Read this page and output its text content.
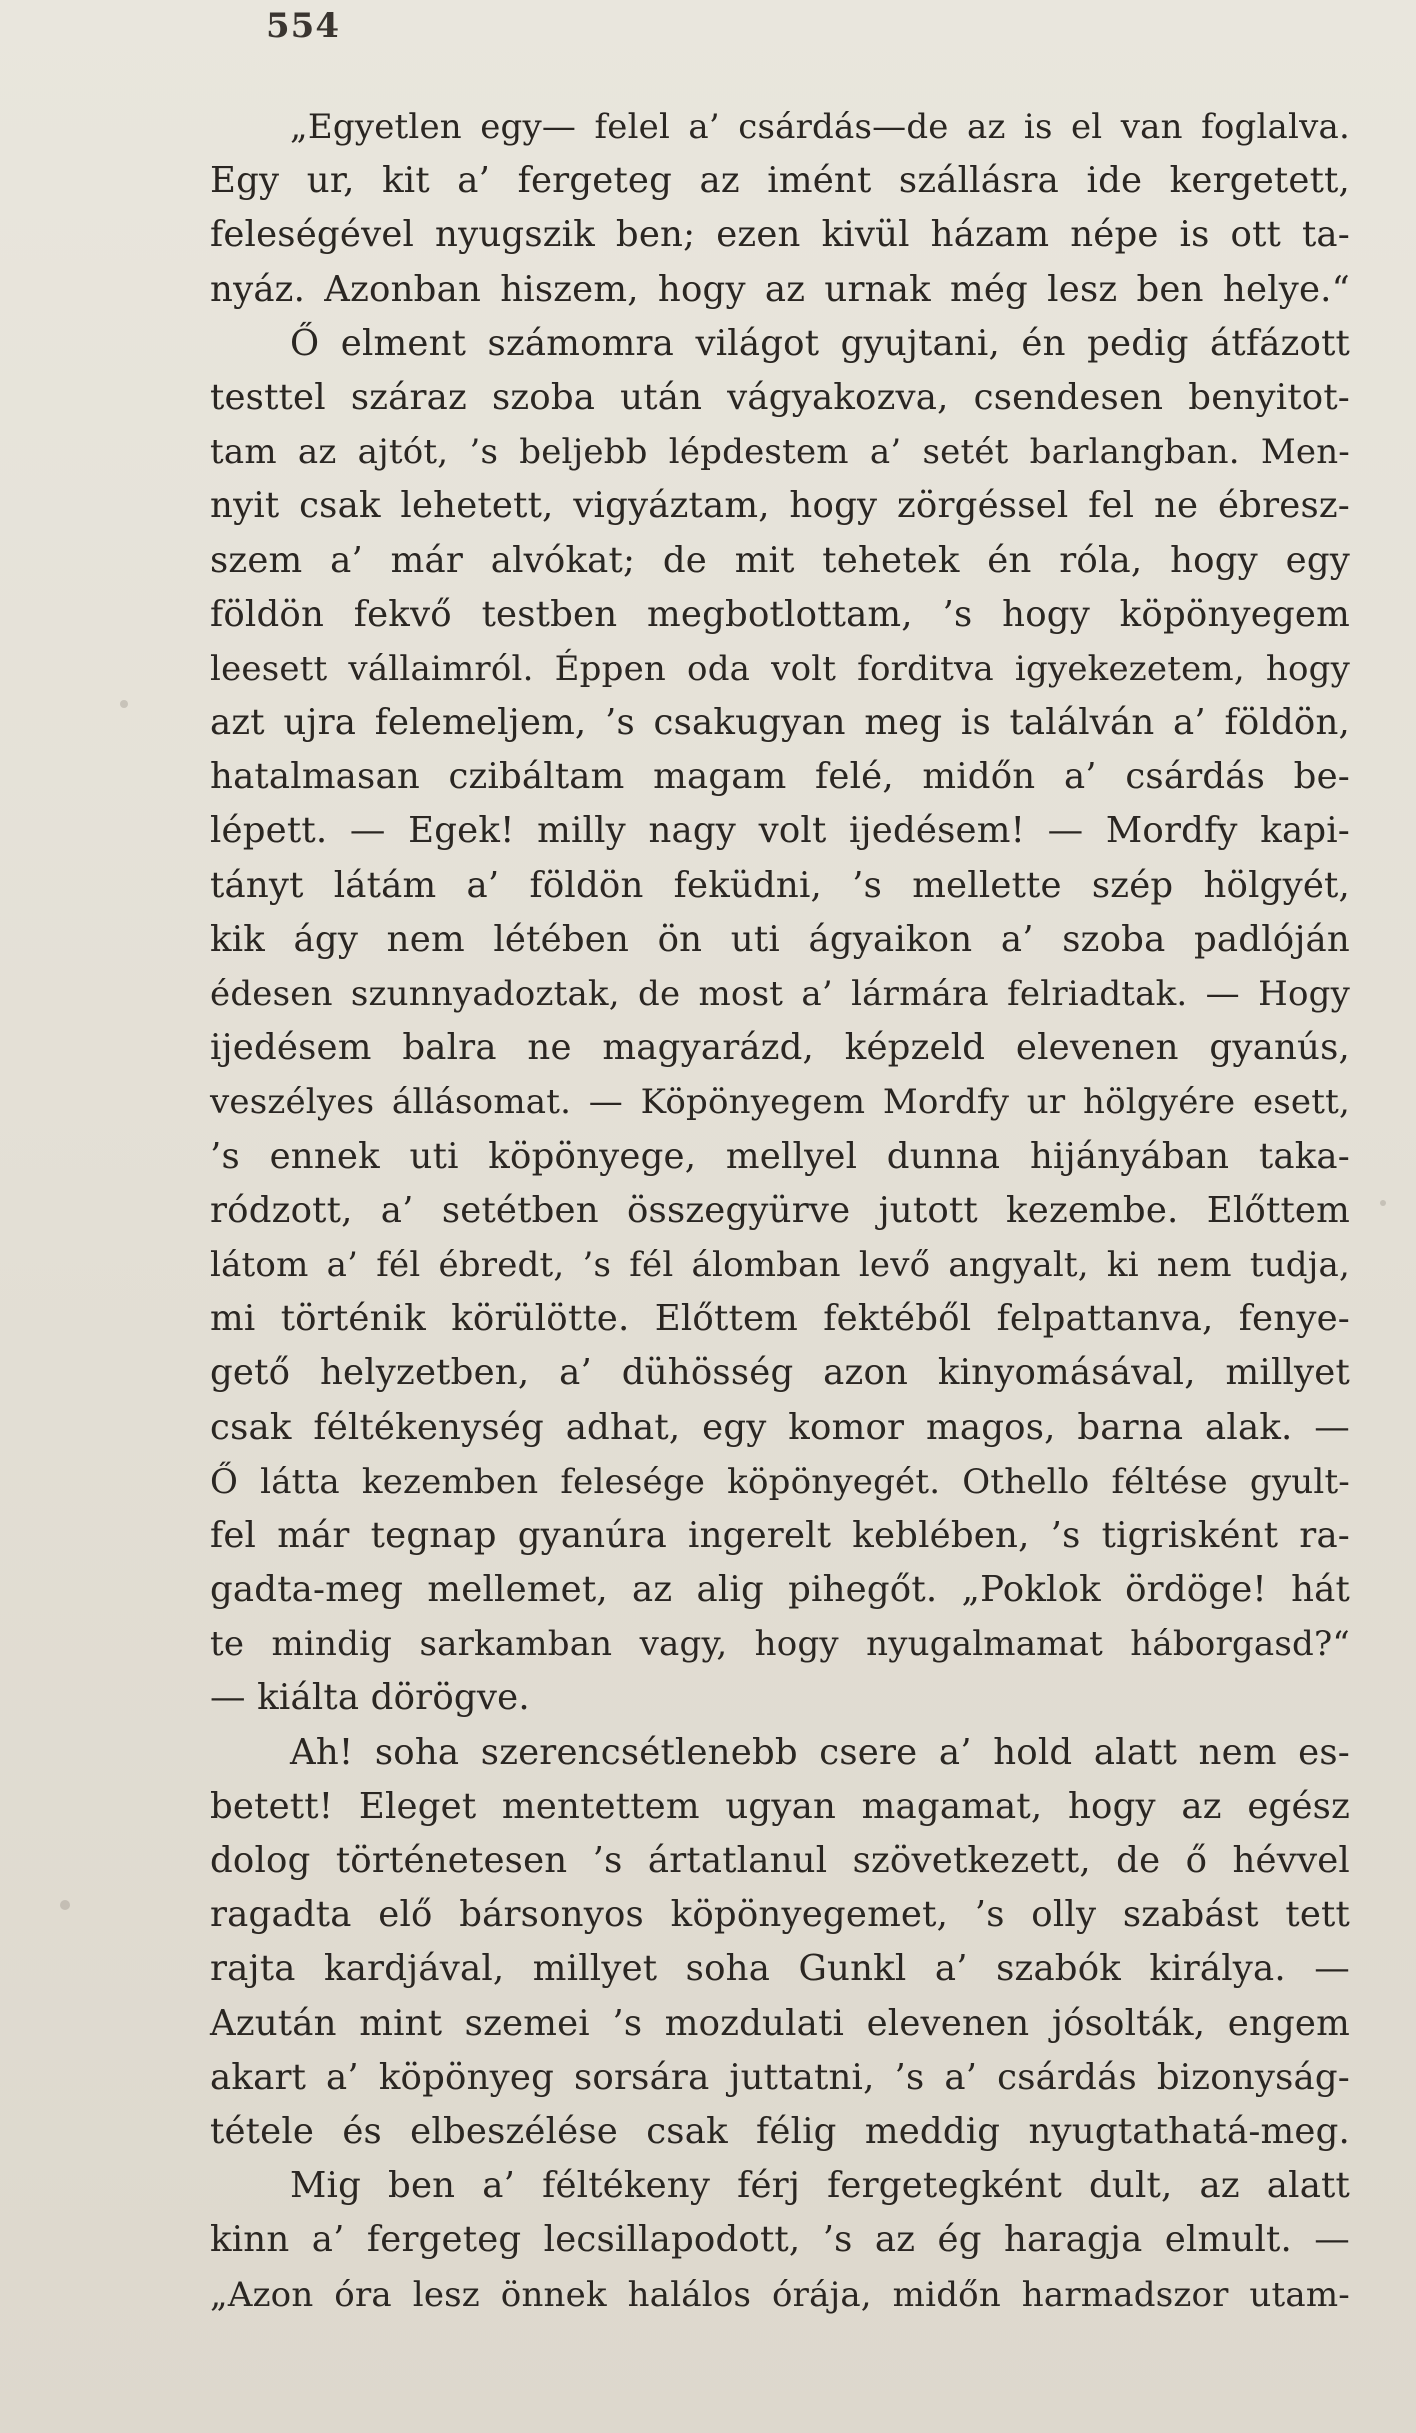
554
„Egyetlen egy— felel a’ csárdás—de az is el van foglalva.
Egy ur, kit a’ fergeteg az imént szállásra ide kergetett,
feleségével nyugszik ben; ezen kivül házam népe is ott ta-
nyáz. Azonban hiszem, hogy az urnak még lesz ben helye.“
Ő elment számomra világot gyujtani, én pedig átfázott
testtel száraz szoba után vágyakozva, csendesen benyitot-
tam az ajtót, ’s beljebb lépdestem a’ setét barlangban. Men-
nyit csak lehetett, vigyáztam, hogy zörgéssel fel ne ébresz-
szem a’ már alvókat; de mit tehetek én róla, hogy egy
földön fekvő testben megbotlottam, ’s hogy köpönyegem
leesett vállaimról. Éppen oda volt forditva igyekezetem, hogy
azt ujra felemeljem, ’s csakugyan meg is találván a’ földön,
hatalmasan czibáltam magam felé, midőn a’ csárdás be-
lépett. — Egek! milly nagy volt ijedésem! — Mordfy kapi-
tányt látám a’ földön feküdni, ’s mellette szép hölgyét,
kik ágy nem létében ön uti ágyaikon a’ szoba padlóján
édesen szunnyadoztak, de most a’ lármára felriadtak. — Hogy
ijedésem balra ne magyarázd, képzeld elevenen gyanús,
veszélyes állásomat. — Köpönyegem Mordfy ur hölgyére esett,
’s ennek uti köpönyege, mellyel dunna hijányában taka-
ródzott, a’ setétben összegyürve jutott kezembe. Előttem
látom a’ fél ébredt, ’s fél álomban levő angyalt, ki nem tudja,
mi történik körülötte. Előttem fektéből felpattanva, fenye-
gető helyzetben, a’ dühösség azon kinyomásával, millyet
csak féltékenység adhat, egy komor magos, barna alak. —
Ő látta kezemben felesége köpönyegét. Othello féltése gyult-
fel már tegnap gyanúra ingerelt keblében, ’s tigrisként ra-
gadta-meg mellemet, az alig pihegőt. „Poklok ördöge! hát
te mindig sarkamban vagy, hogy nyugalmamat háborgasd?“
— kiálta dörögve.
Ah! soha szerencsétlenebb csere a’ hold alatt nem es-
betett! Eleget mentettem ugyan magamat, hogy az egész
dolog történetesen ’s ártatlanul szövetkezett, de ő hévvel
ragadta elő bársonyos köpönyegemet, ’s olly szabást tett
rajta kardjával, millyet soha Gunkl a’ szabók királya. —
Azután mint szemei ’s mozdulati elevenen jósolták, engem
akart a’ köpönyeg sorsára juttatni, ’s a’ csárdás bizonyság-
tétele és elbeszélése csak félig meddig nyugtathatá-meg.
Mig ben a’ féltékeny férj fergetegként dult, az alatt
kinn a’ fergeteg lecsillapodott, ’s az ég haragja elmult. —
„Azon óra lesz önnek halálos órája, midőn harmadszor utam-
